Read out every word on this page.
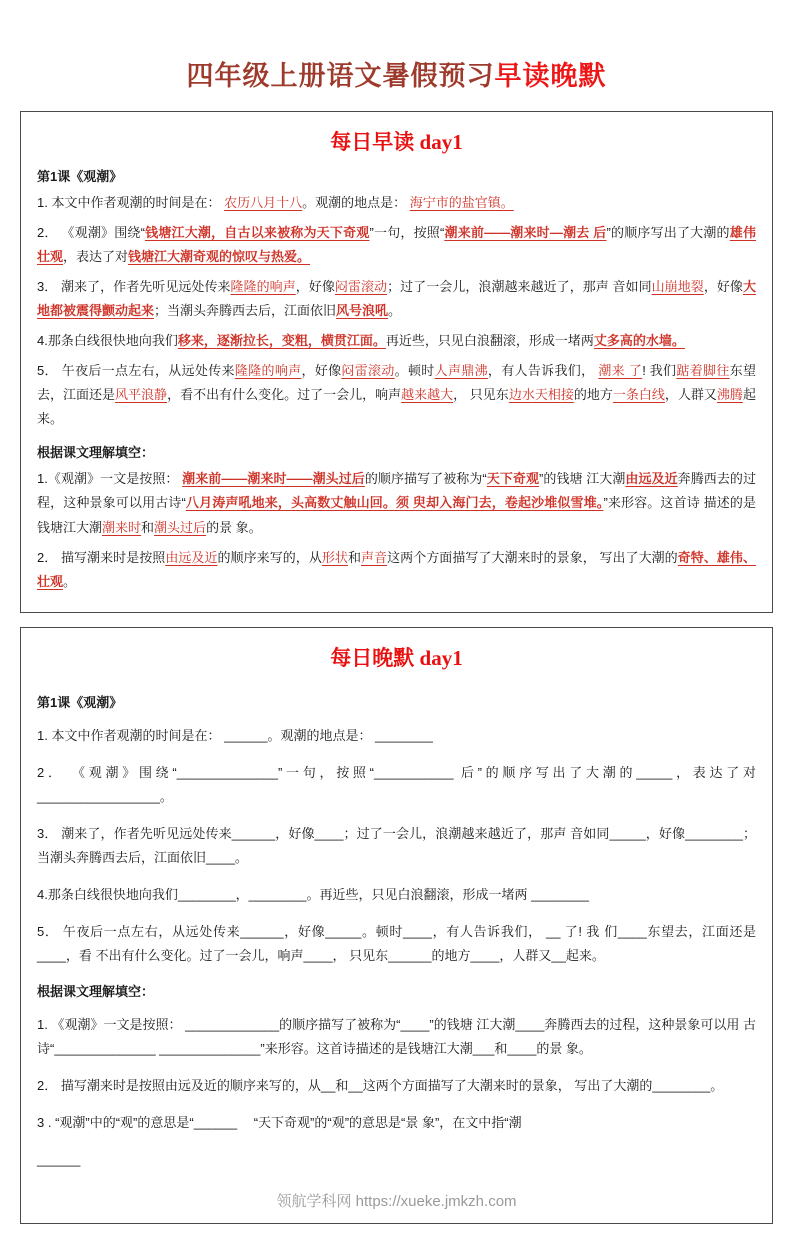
四年级上册语文暑假预习早读晚默
每日早读 day1
第1课《观潮》

1. 本文中作者观潮的时间是在： 农历八月十八。观潮的地点是： 海宁市的盐官镇。

2． 《观潮》围绕“钱塘江大潮，自古以来被称为天下奇观”一句，按照“潮来前——潮来时—潮去 后”的顺序写出了大潮的雄伟壮观，表达了对钱塘江大潮奇观的惊叹与热爱。

3． 潮来了，作者先听见远处传来隆隆的响声，好像闷雷滚动；过了一会儿，浪潮越来越近了，那声 音如同山崩地裂，好像大地都被震得颤动起来；当潮头奔腾西去后，江面依旧风号浪吼。

4.那条白线很快地向我们移来，逐渐拉长，变粗，横贯江面。再近些，只见白浪翻滚，形成一堵两丈多高的水墙。

5． 午夜后一点左右，从远处传来隆隆的响声，好像闷雷滚动。顿时人声鼎沸，有人告诉我们， 潮来 了! 我们踮着脚往东望去，江面还是风平浪静，看不出有什么变化。过了一会儿，响声越来越大， 只见东边水天相接的地方一条白线，人群又沸腾起来。

根据课文理解填空：

1.《观潮》一文是按照： 潮来前——潮来时——潮头过后的顺序描写了被称为“天下奇观”的钱塘 江大潮由远及近奔腾西去的过程，这种景象可以用古诗“八月涛声吼地来，头高数丈触山回。须 臾却入海门去，卷起沙堆似雪堆。”来形容。这首诗 描述的是钱塘江大潮潮来时和潮头过后的景 象。

2． 描写潮来时是按照由远及近的顺序来写的，从形状和声音这两个方面描写了大潮来时的景象， 写出了大潮的奇特、雄伟、壮观。

每日晚默 day1
第1课《观潮》

1. 本文中作者观潮的时间是在： ______。观潮的地点是： ________

2． 《观潮》围绕“______________”一句，按照“___________ 后”的顺序写出了大潮的_____，表达了对_________________。

3． 潮来了，作者先听见远处传来______，好像____；过了一会儿，浪潮越来越近了，那声 音如同_____，好像________；当潮头奔腾西去后，江面依旧____。

4.那条白线很快地向我们________，________。再近些，只见白浪翻滚，形成一堵两 ________

5． 午夜后一点左右，从远处传来______，好像_____。顿时____，有人告诉我们， __ 了! 我 们____东望去，江面还是____，看 不出有什么变化。过了一会儿，响声____， 只见东______的地方____，人群又__起来。

根据课文理解填空：

1. 《观潮》一文是按照： _____________的顺序描写了被称为“____”的钱塘 江大潮____奔腾西去的过程，这种景象可以用 古诗“______________ ______________”来形容。这首诗描述的是钱塘江大潮___和____的景 象。

2． 描写潮来时是按照由远及近的顺序来写的，从__和__这两个方面描写了大潮来时的景象， 写出了大潮的________。

3 . “观潮”中的“观”的意思是“______　 “天下奇观”的“观”的意思是“景 象”，在文中指“潮

______

领航学科网 https://xueke.jmkzh.com
